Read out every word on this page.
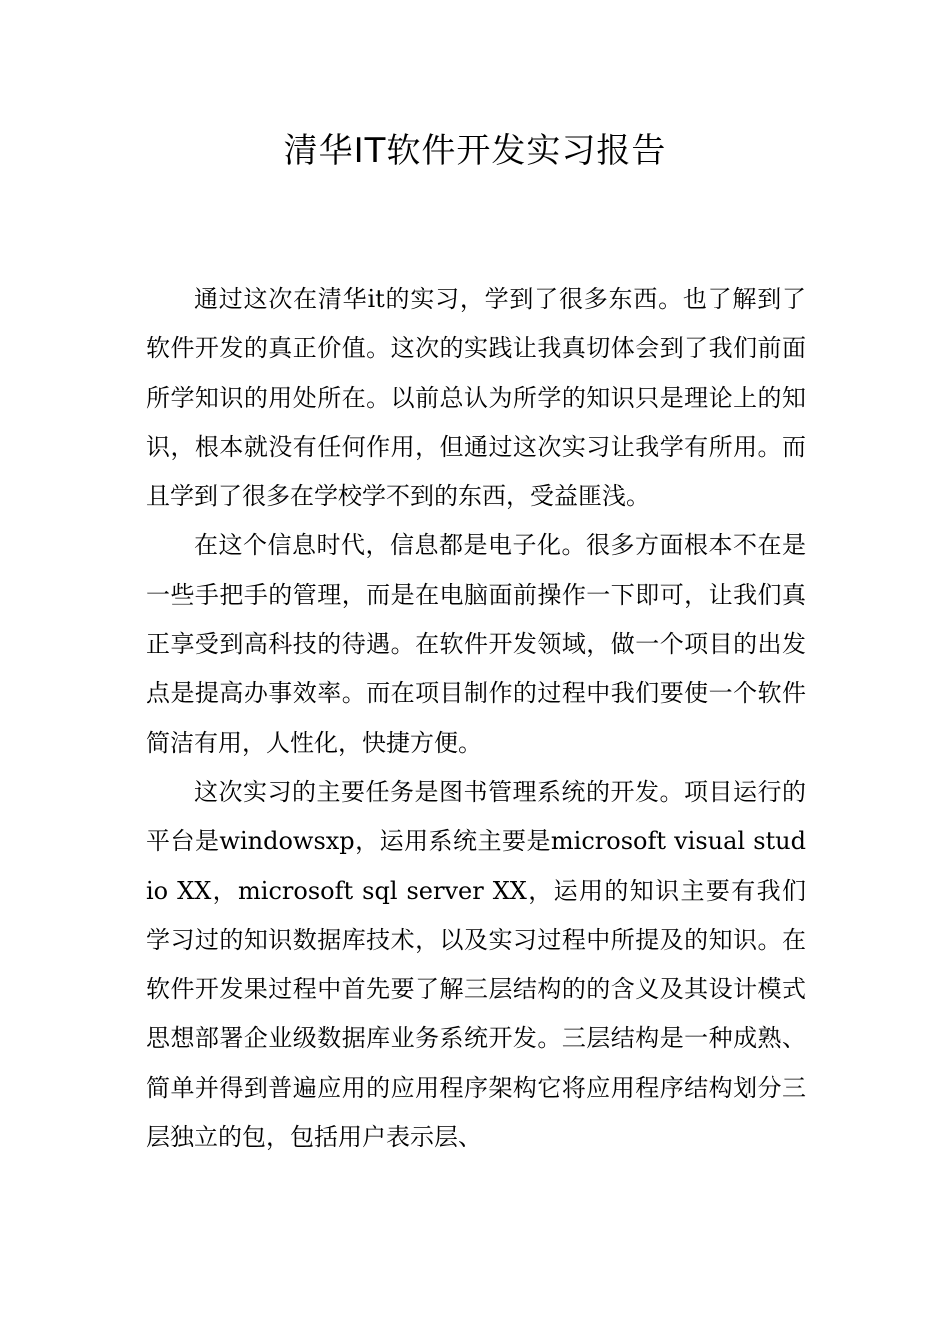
清华IT软件开发实习报告

通过这次在清华it的实习，学到了很多东西。也了解到了软件开发的真正价值。这次的实践让我真切体会到了我们前面所学知识的用处所在。以前总认为所学的知识只是理论上的知识，根本就没有任何作用，但通过这次实习让我学有所用。而且学到了很多在学校学不到的东西，受益匪浅。

在这个信息时代，信息都是电子化。很多方面根本不在是一些手把手的管理，而是在电脑面前操作一下即可，让我们真正享受到高科技的待遇。在软件开发领域，做一个项目的出发点是提高办事效率。而在项目制作的过程中我们要使一个软件简洁有用，人性化，快捷方便。

这次实习的主要任务是图书管理系统的开发。项目运行的平台是windowsxp，运用系统主要是microsoft visual studio XX，microsoft sql server XX，运用的知识主要有我们学习过的知识数据库技术，以及实习过程中所提及的知识。在软件开发果过程中首先要了解三层结构的的含义及其设计模式思想部署企业级数据库业务系统开发。三层结构是一种成熟、简单并得到普遍应用的应用程序架构它将应用程序结构划分三层独立的包，包括用户表示层、
